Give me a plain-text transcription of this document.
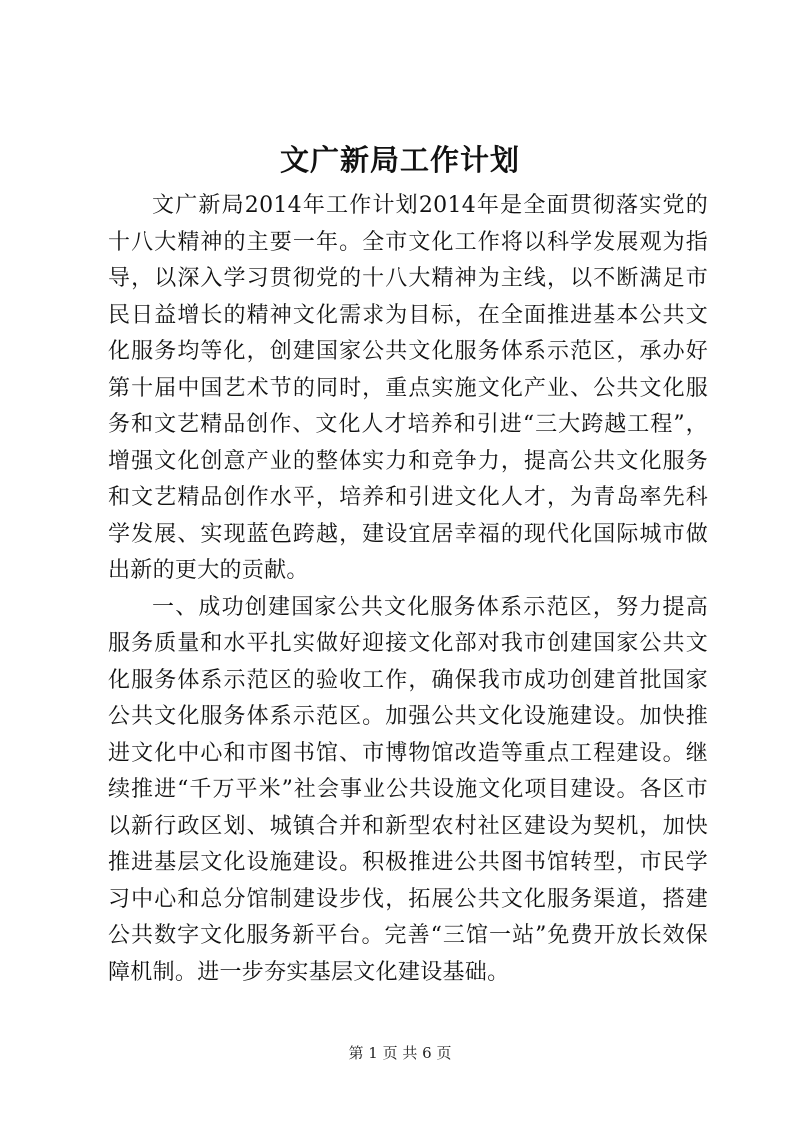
文广新局工作计划

文广新局2014年工作计划2014年是全面贯彻落实党的十八大精神的主要一年。全市文化工作将以科学发展观为指导，以深入学习贯彻党的十八大精神为主线，以不断满足市民日益增长的精神文化需求为目标，在全面推进基本公共文化服务均等化，创建国家公共文化服务体系示范区，承办好第十届中国艺术节的同时，重点实施文化产业、公共文化服务和文艺精品创作、文化人才培养和引进“三大跨越工程”，增强文化创意产业的整体实力和竞争力，提高公共文化服务和文艺精品创作水平，培养和引进文化人才，为青岛率先科学发展、实现蓝色跨越，建设宜居幸福的现代化国际城市做出新的更大的贡献。

一、成功创建国家公共文化服务体系示范区，努力提高服务质量和水平扎实做好迎接文化部对我市创建国家公共文化服务体系示范区的验收工作，确保我市成功创建首批国家公共文化服务体系示范区。加强公共文化设施建设。加快推进文化中心和市图书馆、市博物馆改造等重点工程建设。继续推进“千万平米”社会事业公共设施文化项目建设。各区市以新行政区划、城镇合并和新型农村社区建设为契机，加快推进基层文化设施建设。积极推进公共图书馆转型，市民学习中心和总分馆制建设步伐，拓展公共文化服务渠道，搭建公共数字文化服务新平台。完善“三馆一站”免费开放长效保障机制。进一步夯实基层文化建设基础。

第 1 页 共 6 页
